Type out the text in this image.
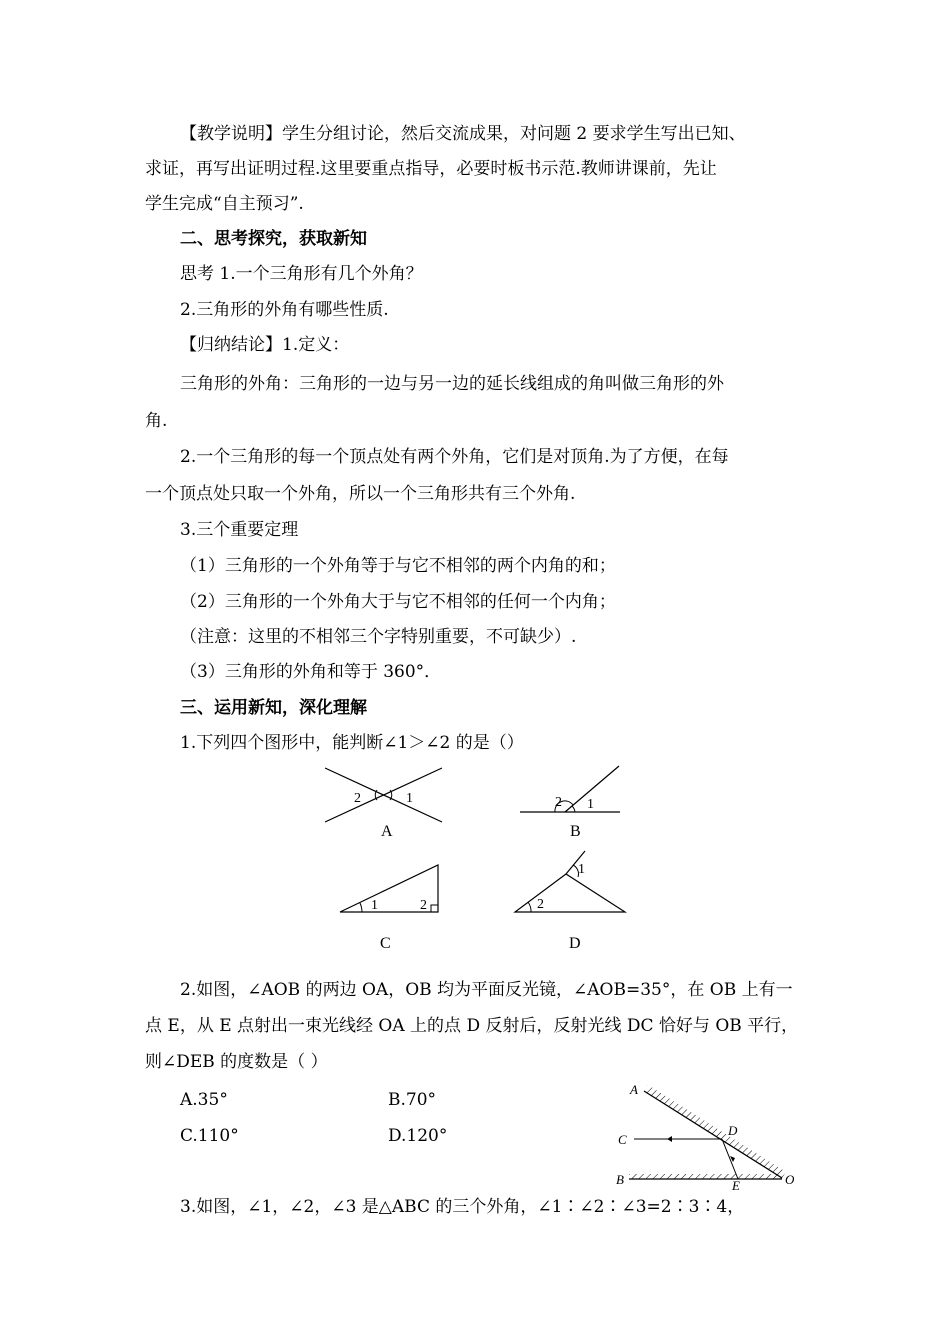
【教学说明】学生分组讨论，然后交流成果，对问题 2 要求学生写出已知、
求证，再写出证明过程.这里要重点指导，必要时板书示范.教师讲课前，先让
学生完成“自主预习”.
二、思考探究，获取新知
思考 1.一个三角形有几个外角？
2.三角形的外角有哪些性质.
【归纳结论】1.定义：
三角形的外角：三角形的一边与另一边的延长线组成的角叫做三角形的外
角.
2.一个三角形的每一个顶点处有两个外角，它们是对顶角.为了方便，在每
一个顶点处只取一个外角，所以一个三角形共有三个外角.
3.三个重要定理
（1）三角形的一个外角等于与它不相邻的两个内角的和；
（2）三角形的一个外角大于与它不相邻的任何一个内角；
（注意：这里的不相邻三个字特别重要，不可缺少）.
（3）三角形的外角和等于 360°．
三、运用新知，深化理解
1.下列四个图形中，能判断∠1＞∠2 的是（）
2	1
A
2 1
B
1	2
C
1
2
D
2.如图，∠AOB 的两边 OA，OB 均为平面反光镜，∠AOB=35°，在 OB 上有一
点 E，从 E 点射出一束光线经 OA 上的点 D 反射后，反射光线 DC 恰好与 OB 平行，
则∠DEB 的度数是（ ）
A.35°	B.70°
C.110°	D.120°
A
D
C
B	E	O
3.如图，∠1，∠2，∠3 是△ABC 的三个外角，∠1∶∠2∶∠3=2∶3∶4，
